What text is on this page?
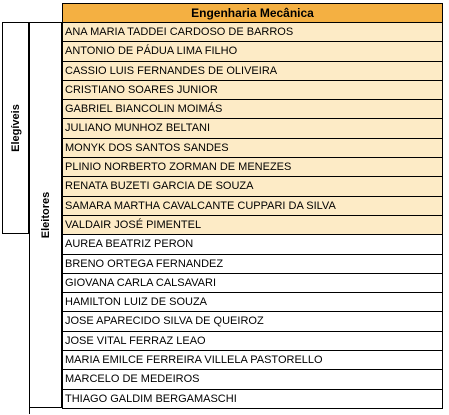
Elegíveis
Eleitores
Engenharia Mecânica
ANA MARIA TADDEI CARDOSO DE BARROS
ANTONIO DE PÁDUA LIMA FILHO
CASSIO LUIS FERNANDES DE OLIVEIRA
CRISTIANO SOARES JUNIOR
GABRIEL BIANCOLIN MOIMÁS
JULIANO MUNHOZ BELTANI
MONYK DOS SANTOS SANDES
PLINIO NORBERTO ZORMAN DE MENEZES
RENATA BUZETI GARCIA DE SOUZA
SAMARA MARTHA CAVALCANTE CUPPARI DA SILVA
VALDAIR JOSÉ PIMENTEL
AUREA BEATRIZ PERON
BRENO ORTEGA FERNANDEZ
GIOVANA CARLA CALSAVARI
HAMILTON LUIZ DE SOUZA
JOSE APARECIDO SILVA DE QUEIROZ
JOSE VITAL FERRAZ LEAO
MARIA EMILCE FERREIRA VILLELA PASTORELLO
MARCELO DE MEDEIROS
THIAGO GALDIM BERGAMASCHI
